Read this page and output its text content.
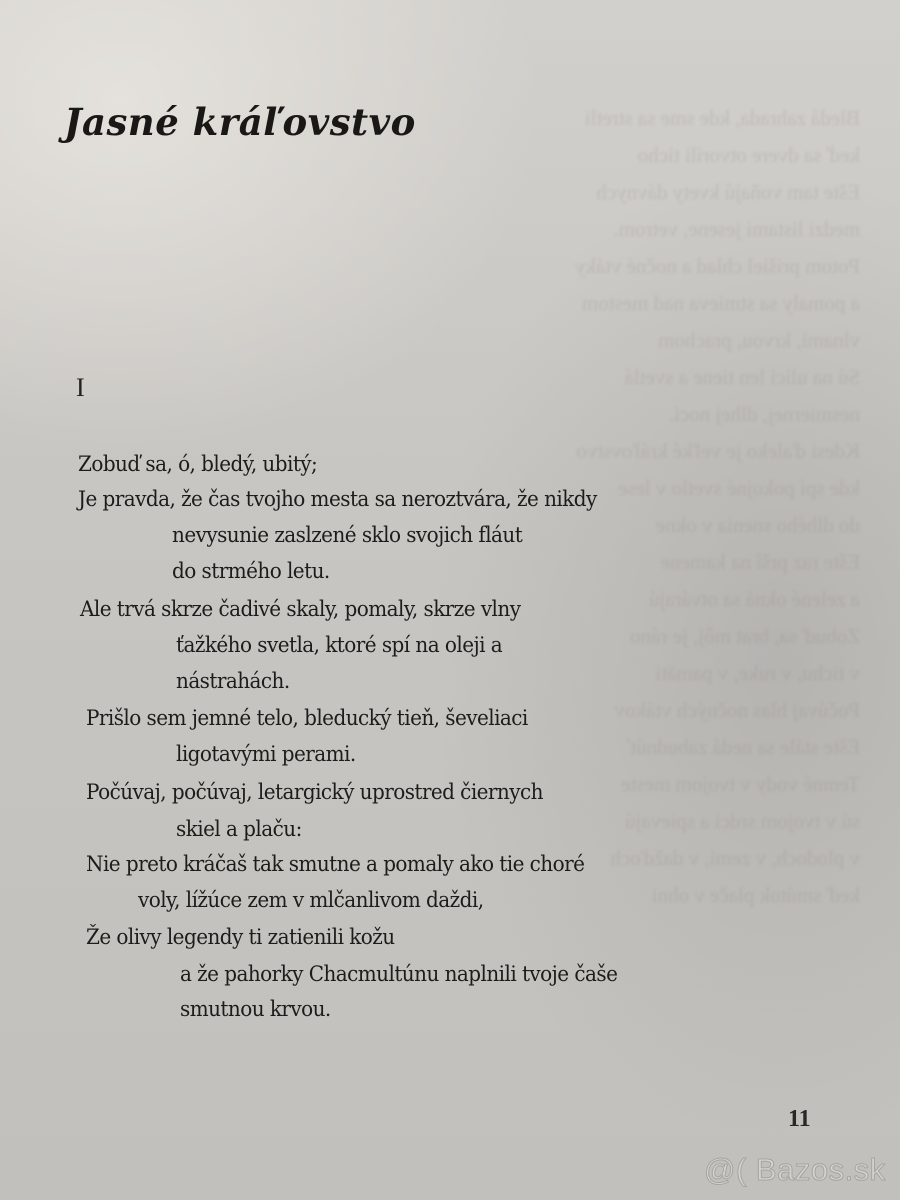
Bledá zahrada, kde sme sa stretli
keď sa dvere otvorili ticho
Ešte tam voňajú kvety dávnych
medzi listami jesene, vetrom.
Potom prišiel chlad a nočné vtáky
a pomaly sa stmieva nad mestom
vlnami, krvou, prachom
Sú na ulici len tiene a svetlá
nesmiernej, dlhej noci.
Kdesi ďaleko je veľké kráľovstvo
kde spí pokojné svetlo v lese
do dlhého snenia v okne
Ešte raz prší na kamene
a zelené okná sa otvárajú
Zobuď sa, brat môj, je ráno
v tichu, v ruke, v pamäti
Počúvaj hlas nočných vtákov
Ešte stále sa nedá zabudnúť
Temné vody v tvojom meste
sú v tvojom srdci a spievajú
v plodoch, v zemi, v dažďoch
keď smútok plače v ohni
Jasné kráľovstvo
I
Zobuď sa, ó, bledý, ubitý;
Je pravda, že čas tvojho mesta sa neroztvára, že nikdy
nevysunie zaslzené sklo svojich fláut
do strmého letu.
Ale trvá skrze čadivé skaly, pomaly, skrze vlny
ťažkého svetla, ktoré spí na oleji a
nástrahách.
Prišlo sem jemné telo, bleducký tieň, ševeliaci
ligotavými perami.
Počúvaj, počúvaj, letargický uprostred čiernych
skiel a plaču:
Nie preto kráčaš tak smutne a pomaly ako tie choré
voly, lížúce zem v mlčanlivom daždi,
Že olivy legendy ti zatienili kožu
a že pahorky Chacmultúnu naplnili tvoje čaše
smutnou krvou.
11
@( Bazos.sk
